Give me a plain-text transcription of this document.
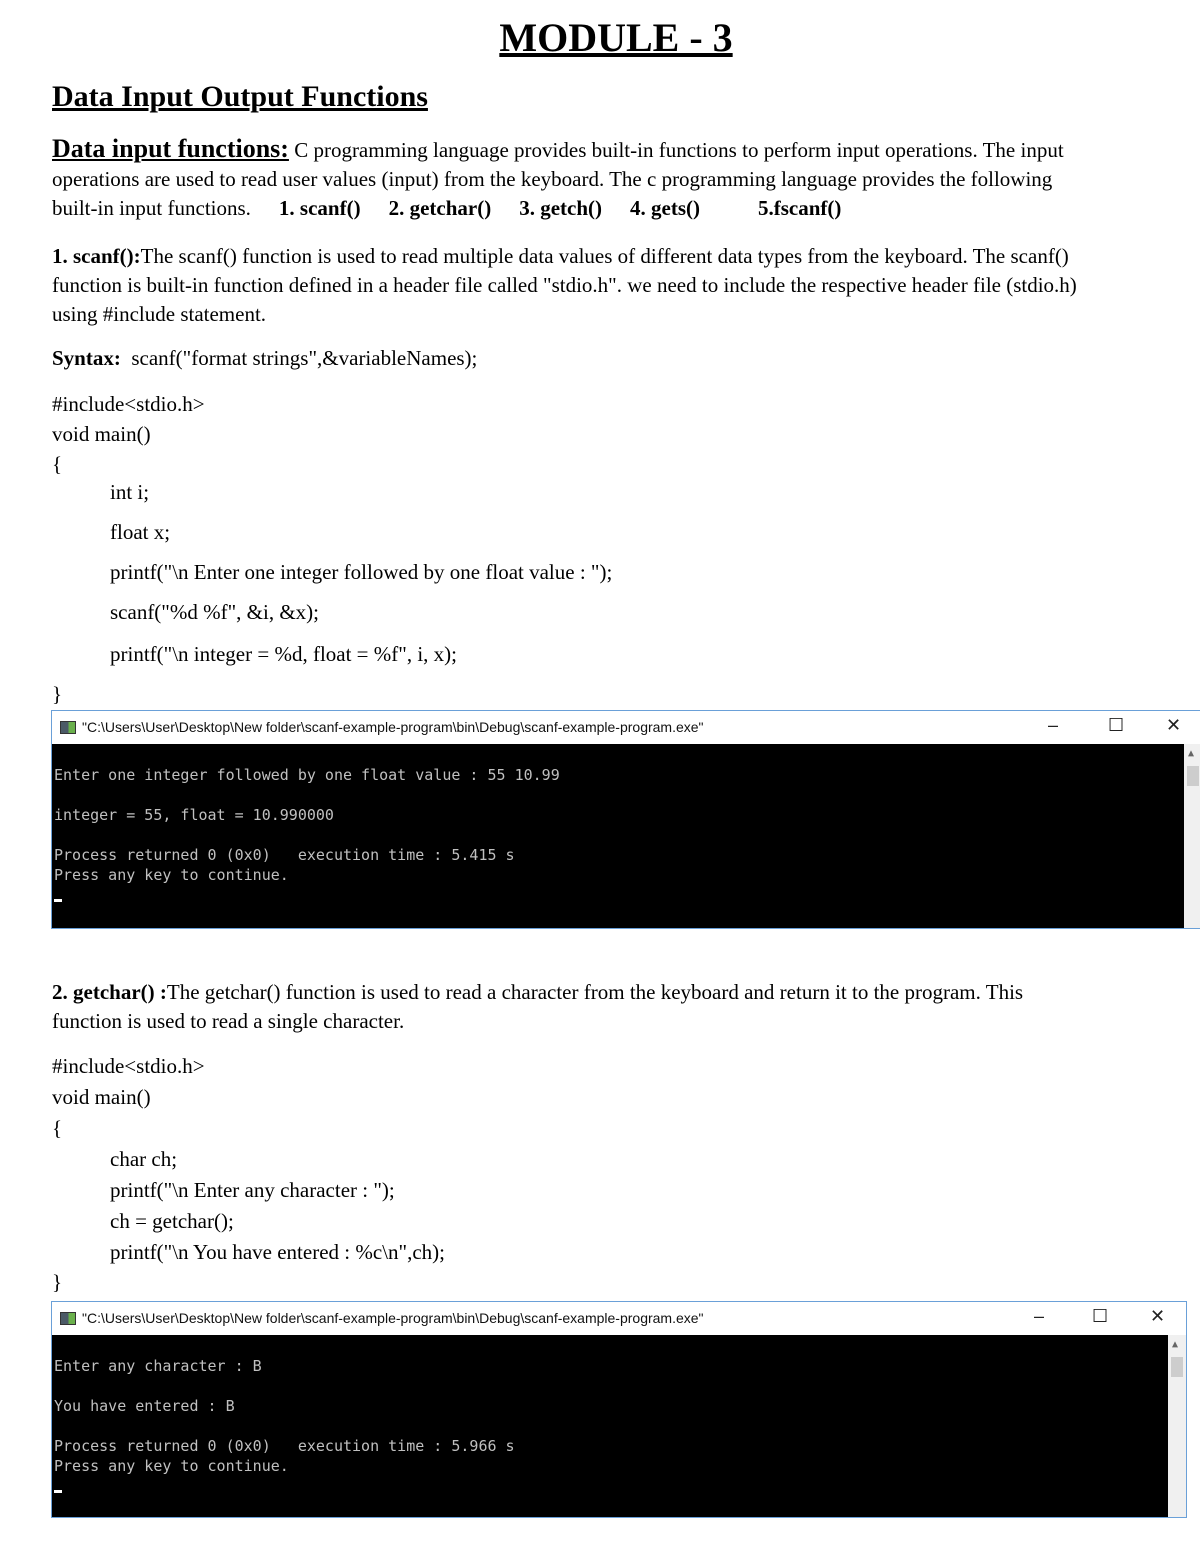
MODULE - 3
Data Input Output Functions
Data input functions: C programming language provides built-in functions to perform input operations. The input
operations are used to read user values (input) from the keyboard. The c programming language provides the following
built-in input functions. 1. scanf() 2. getchar() 3. getch() 4. gets()	5.fscanf()
1. scanf():The scanf() function is used to read multiple data values of different data types from the keyboard. The scanf()
function is built-in function defined in a header file called "stdio.h". we need to include the respective header file (stdio.h)
using #include statement.
Syntax:  scanf("format strings",&variableNames);
#include<stdio.h>
void main()
{
int i;
float x;
printf("\n Enter one integer followed by one float value : ");
scanf("%d %f", &i, &x);
printf("\n integer = %d, float = %f", i, x);
}
"C:\Users\User\Desktop\New folder\scanf-example-program\bin\Debug\scanf-example-program.exe"	–	☐ ✕
Enter one integer followed by one float value : 55 10.99
integer = 55, float = 10.990000
Process returned 0 (0x0)   execution time : 5.415 s
Press any key to continue.
▲
2. getchar() :The getchar() function is used to read a character from the keyboard and return it to the program. This
function is used to read a single character.
#include<stdio.h>
void main()
{
char ch;
printf("\n Enter any character : ");
ch = getchar();
printf("\n You have entered : %c\n",ch);
}
"C:\Users\User\Desktop\New folder\scanf-example-program\bin\Debug\scanf-example-program.exe"	–	☐ ✕
Enter any character : B
You have entered : B
Process returned 0 (0x0)   execution time : 5.966 s
Press any key to continue.
▲
